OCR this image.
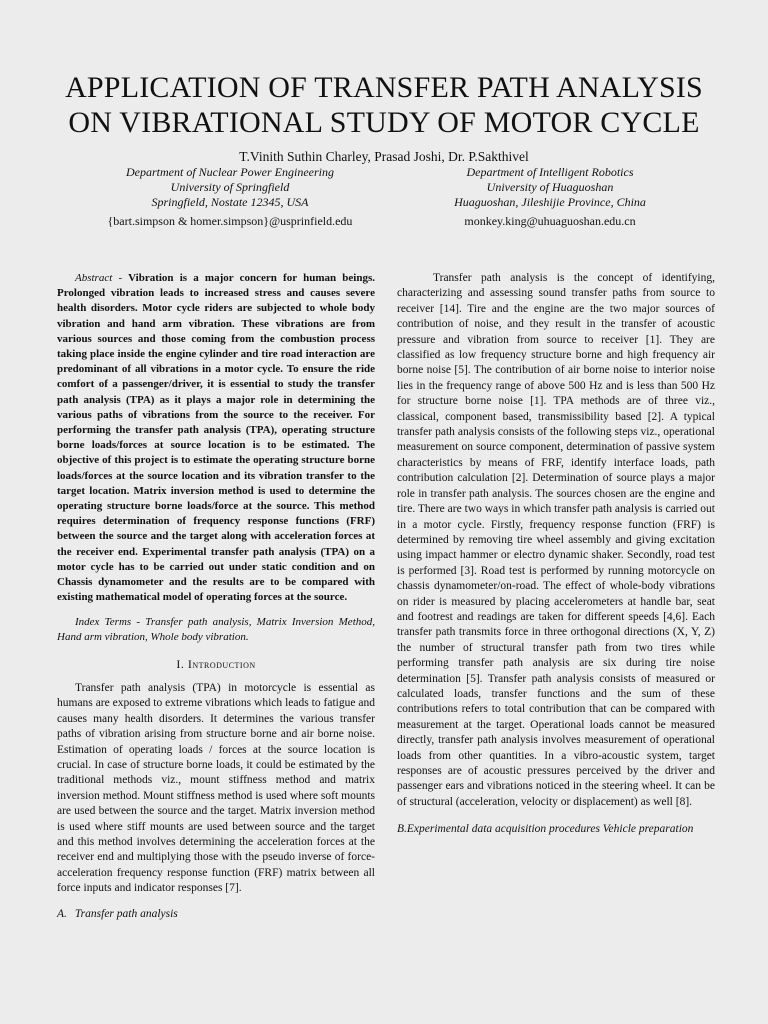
APPLICATION OF TRANSFER PATH ANALYSIS ON VIBRATIONAL STUDY OF MOTOR CYCLE

T.Vinith Suthin Charley, Prasad Joshi, Dr. P.Sakthivel

Department of Nuclear Power Engineering
University of Springfield
Springfield, Nostate 12345, USA
{bart.simpson & homer.simpson}@usprinfield.edu
Department of Intelligent Robotics
University of Huaguoshan
Huaguoshan, Jileshijie Province, China
monkey.king@uhuaguoshan.edu.cn

Abstract - Vibration is a major concern for human beings. Prolonged vibration leads to increased stress and causes severe health disorders. Motor cycle riders are subjected to whole body vibration and hand arm vibration. These vibrations are from various sources and those coming from the combustion process taking place inside the engine cylinder and tire road interaction are predominant of all vibrations in a motor cycle. To ensure the ride comfort of a passenger/driver, it is essential to study the transfer path analysis (TPA) as it plays a major role in determining the various paths of vibrations from the source to the receiver. For performing the transfer path analysis (TPA), operating structure borne loads/forces at source location is to be estimated. The objective of this project is to estimate the operating structure borne loads/forces at the source location and its vibration transfer to the target location. Matrix inversion method is used to determine the operating structure borne loads/force at the source. This method requires determination of frequency response functions (FRF) between the source and the target along with acceleration forces at the receiver end. Experimental transfer path analysis (TPA) on a motor cycle has to be carried out under static condition and on Chassis dynamometer and the results are to be compared with existing mathematical model of operating forces at the source.

Index Terms - Transfer path analysis, Matrix Inversion Method, Hand arm vibration, Whole body vibration.

I. Introduction

Transfer path analysis (TPA) in motorcycle is essential as humans are exposed to extreme vibrations which leads to fatigue and causes many health disorders. It determines the various transfer paths of vibration arising from structure borne and air borne noise. Estimation of operating loads / forces at the source location is crucial. In case of structure borne loads, it could be estimated by the traditional methods viz., mount stiffness method and matrix inversion method. Mount stiffness method is used where soft mounts are used between the source and the target. Matrix inversion method is used where stiff mounts are used between source and the target and this method involves determining the acceleration forces at the receiver end and multiplying those with the pseudo inverse of force-acceleration frequency response function (FRF) matrix between all force inputs and indicator responses [7].

A. Transfer path analysis

Transfer path analysis is the concept of identifying, characterizing and assessing sound transfer paths from source to receiver [14]. Tire and the engine are the two major sources of contribution of noise, and they result in the transfer of acoustic pressure and vibration from source to receiver [1]. They are classified as low frequency structure borne and high frequency air borne noise [5]. The contribution of air borne noise to interior noise lies in the frequency range of above 500 Hz and is less than 500 Hz for structure borne noise [1]. TPA methods are of three viz., classical, component based, transmissibility based [2]. A typical transfer path analysis consists of the following steps viz., operational measurement on source component, determination of passive system characteristics by means of FRF, identify interface loads, path contribution calculation [2]. Determination of source plays a major role in transfer path analysis. The sources chosen are the engine and tire. There are two ways in which transfer path analysis is carried out in a motor cycle. Firstly, frequency response function (FRF) is determined by removing tire wheel assembly and giving excitation using impact hammer or electro dynamic shaker. Secondly, road test is performed [3]. Road test is performed by running motorcycle on chassis dynamometer/on-road. The effect of whole-body vibrations on rider is measured by placing accelerometers at handle bar, seat and footrest and readings are taken for different speeds [4,6]. Each transfer path transmits force in three orthogonal directions (X, Y, Z) the number of structural transfer path from two tires while performing transfer path analysis are six during tire noise determination [5]. Transfer path analysis consists of measured or calculated loads, transfer functions and the sum of these contributions refers to total contribution that can be compared with measurement at the target. Operational loads cannot be measured directly, transfer path analysis involves measurement of operational loads from other quantities. In a vibro-acoustic system, target responses are of acoustic pressures perceived by the driver and passenger ears and vibrations noticed in the steering wheel. It can be of structural (acceleration, velocity or displacement) as well [8].

B.Experimental data acquisition procedures Vehicle preparation
